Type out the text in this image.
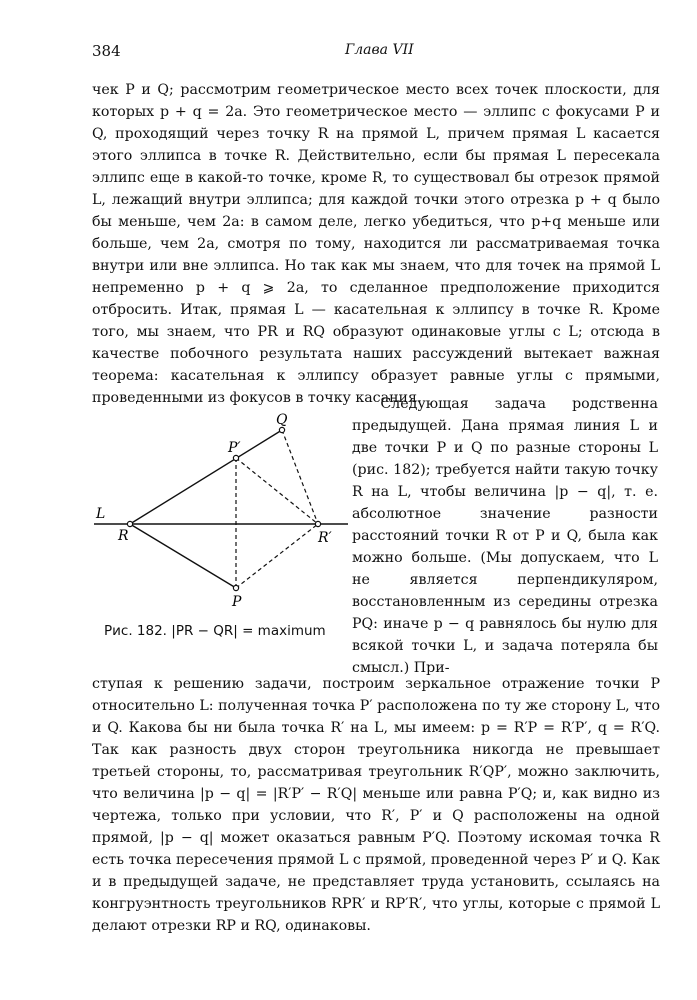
384	Глава VII

чек P и Q; рассмотрим геометрическое место всех точек плоскости, для которых p + q = 2a. Это геометрическое место — эллипс с фокусами P и Q, проходящий через точку R на прямой L, причем прямая L касается этого эллипса в точке R. Действительно, если бы прямая L пересекала эллипс еще в какой-то точке, кроме R, то существовал бы отрезок прямой L, лежащий внутри эллипса; для каждой точки этого отрезка p + q было бы меньше, чем 2a: в самом деле, легко убедиться, что p+q меньше или больше, чем 2a, смотря по тому, находится ли рассматриваемая точка внутри или вне эллипса. Но так как мы знаем, что для точек на прямой L непременно p + q ⩾ 2a, то сделанное предположение приходится отбросить. Итак, прямая L — касательная к эллипсу в точке R. Кроме того, мы знаем, что PR и RQ образуют одинаковые углы с L; отсюда в качестве побочного результата наших рассуждений вытекает важная теорема: касательная к эллипсу образует равные углы с прямыми, проведенными из фокусов в точку касания.

Следующая задача родственна предыдущей. Дана прямая линия L и две точки P и Q по разные стороны L (рис. 182); требуется найти такую точку R на L, чтобы величина |p − q|, т. е. абсолютное значение разности расстояний точки R от P и Q, была как можно больше. (Мы допускаем, что L не является перпендикуляром, восстановленным из середины отрезка PQ: иначе p − q равнялось бы нулю для всякой точки L, и задача потеряла бы смысл.) При-

Q
P′
L
R	R′
P
Рис. 182. |PR − QR| = maximum

ступая к решению задачи, построим зеркальное отражение точки P относительно L: полученная точка P′ расположена по ту же сторону L, что и Q. Какова бы ни была точка R′ на L, мы имеем: p = R′P = R′P′, q = R′Q. Так как разность двух сторон треугольника никогда не превышает третьей стороны, то, рассматривая треугольник R′QP′, можно заключить, что величина |p − q| = |R′P′ − R′Q| меньше или равна P′Q; и, как видно из чертежа, только при условии, что R′, P′ и Q расположены на одной прямой, |p − q| может оказаться равным P′Q. Поэтому искомая точка R есть точка пересечения прямой L с прямой, проведенной через P′ и Q. Как и в предыдущей задаче, не представляет труда установить, ссылаясь на конгруэнтность треугольников RPR′ и RP′R′, что углы, которые с прямой L делают отрезки RP и RQ, одинаковы.
